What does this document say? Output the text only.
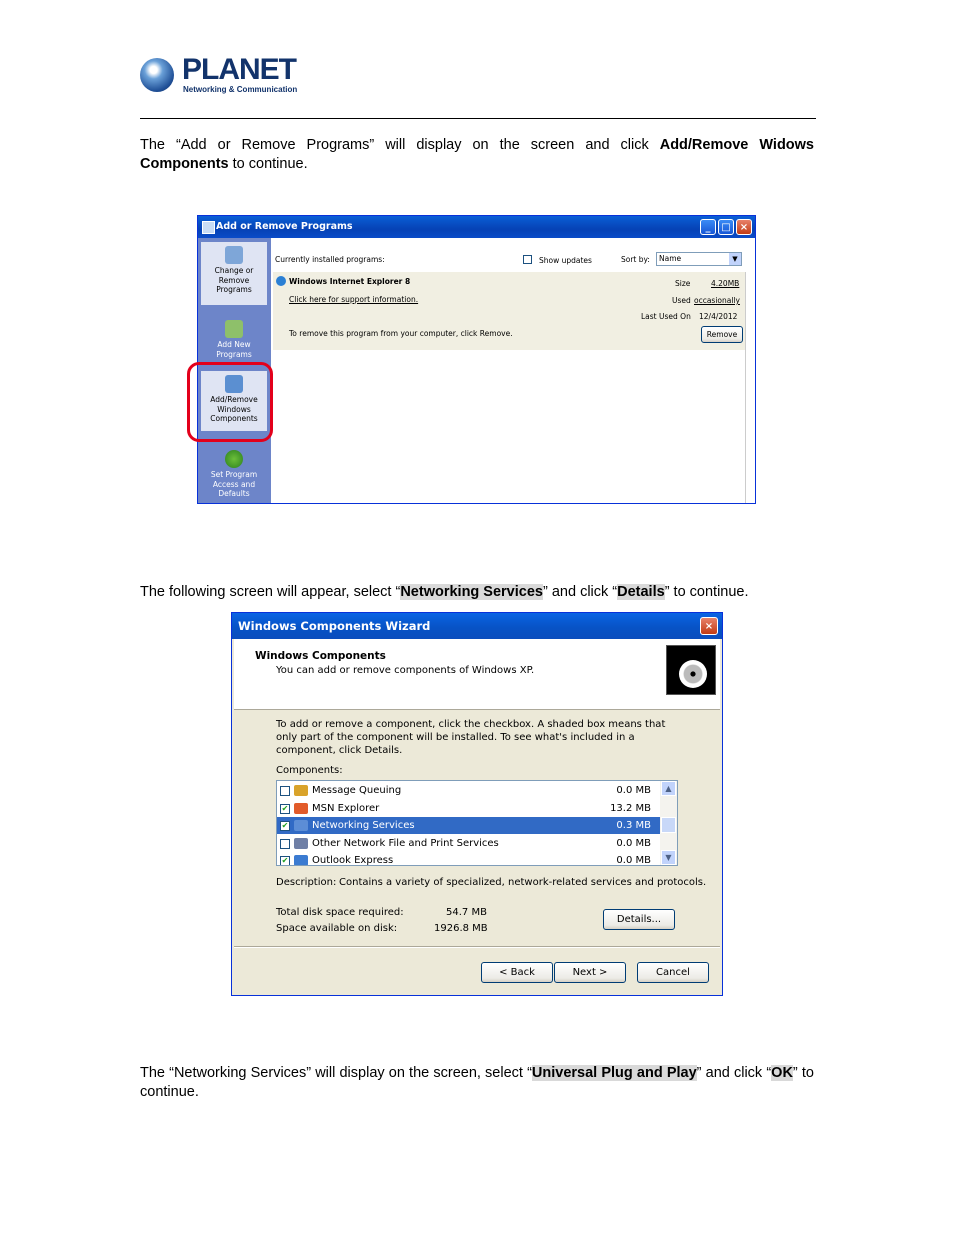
PLANET
Networking & Communication
The “Add or Remove Programs” will display on the screen and click Add/Remove Widows Components to continue.
Add or Remove Programs	_	□ ×
Change or Remove Programs
Add New Programs
Add/Remove Windows Components
Set Program Access and Defaults
Currently installed programs:	Show updates	Sort by:	Name	▼
Windows Internet Explorer 8
Click here for support information.
Size	4.20MB
Used occasionally
Last Used On 12/4/2012
To remove this program from your computer, click Remove.	Remove
The following screen will appear, select “Networking Services” and click “Details” to continue.
Windows Components Wizard	×
Windows Components
You can add or remove components of Windows XP.
To add or remove a component, click the checkbox. A shaded box means that only part of the component will be installed. To see what's included in a component, click Details.
Components:
Message Queuing	0.0 MB
✔ MSN Explorer	13.2 MB
✔ Networking Services	0.3 MB
Other Network File and Print Services	0.0 MB
✔ Outlook Express	0.0 MB
▲
▼
Description: Contains a variety of specialized, network-related services and protocols.
Total disk space required:	54.7 MB
Space available on disk:	1926.8 MB
Details...
< Back	Next >	Cancel
The “Networking Services” will display on the screen, select “Universal Plug and Play” and click “OK” to continue.
